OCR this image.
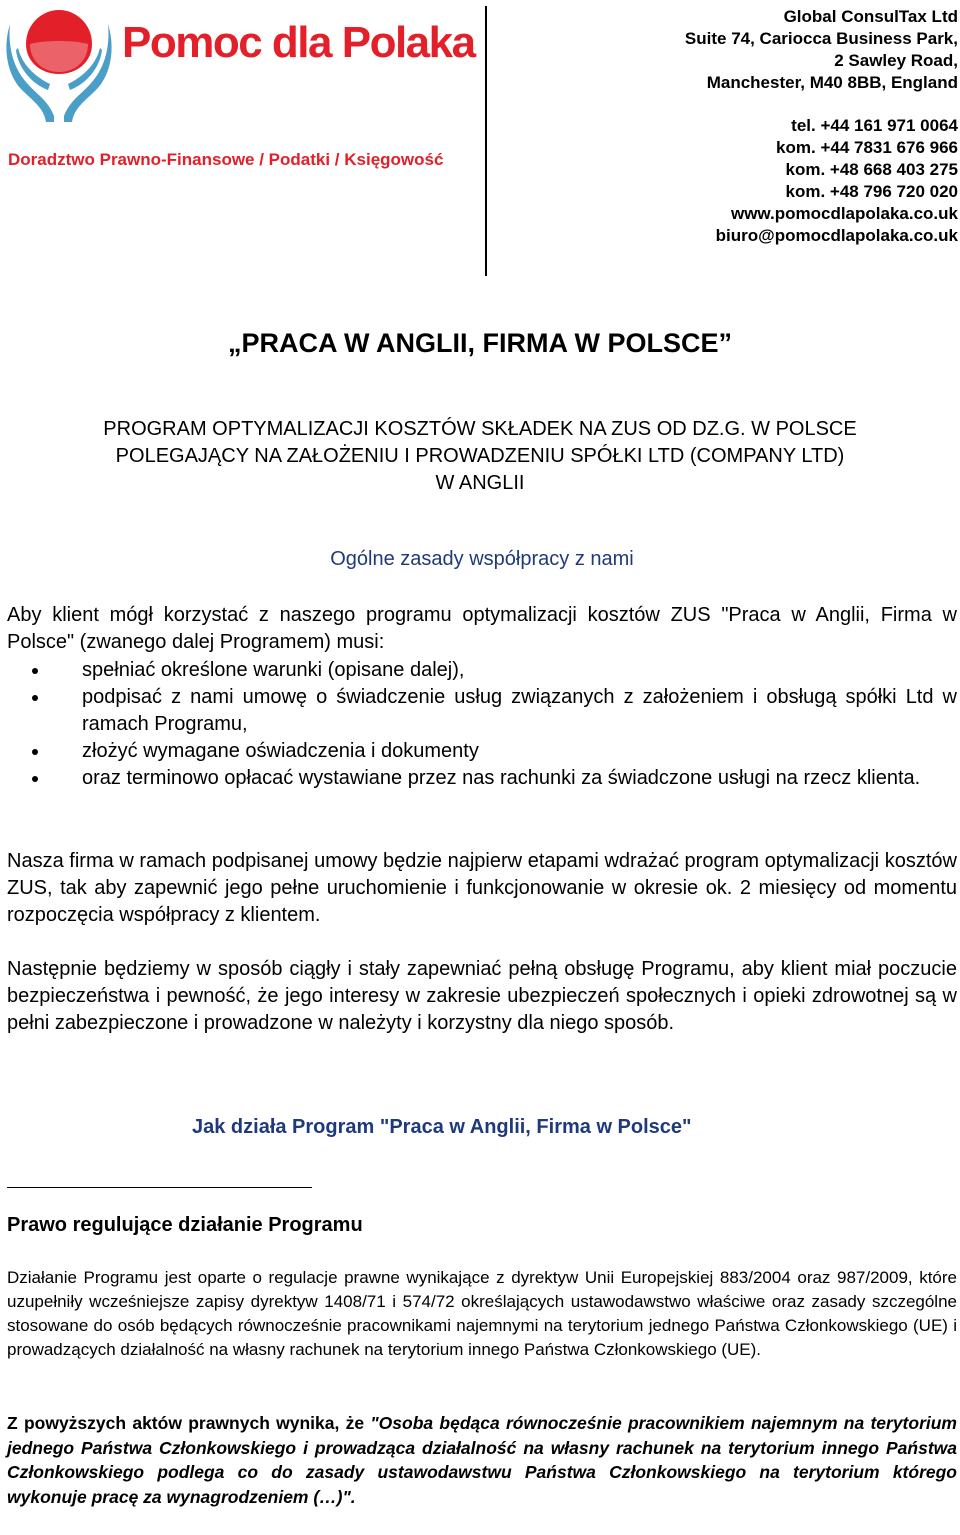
Pomoc dla Polaka
Doradztwo Prawno-Finansowe / Podatki / Księgowość
Global ConsulTax Ltd
Suite 74, Cariocca Business Park,
2 Sawley Road,
Manchester, M40 8BB, England
tel. +44 161 971 0064
kom. +44 7831 676 966
kom. +48 668 403 275
kom. +48 796 720 020
www.pomocdlapolaka.co.uk
biuro@pomocdlapolaka.co.uk
„PRACA W ANGLII, FIRMA W POLSCE”
PROGRAM OPTYMALIZACJI KOSZTÓW SKŁADEK NA ZUS OD DZ.G. W POLSCE
POLEGAJĄCY NA ZAŁOŻENIU I PROWADZENIU SPÓŁKI LTD (COMPANY LTD)
W ANGLII
Ogólne zasady współpracy z nami
Aby klient mógł korzystać z naszego programu optymalizacji kosztów ZUS "Praca w Anglii, Firma w Polsce" (zwanego dalej Programem) musi:
spełniać określone warunki (opisane dalej),
podpisać z nami umowę o świadczenie usług związanych z założeniem i obsługą spółki Ltd w ramach Programu,
złożyć wymagane oświadczenia i dokumenty
oraz terminowo opłacać wystawiane przez nas rachunki za świadczone usługi na rzecz klienta.
Nasza firma w ramach podpisanej umowy będzie najpierw etapami wdrażać program optymalizacji kosztów ZUS, tak aby zapewnić jego pełne uruchomienie i funkcjonowanie w okresie ok. 2 miesięcy od momentu rozpoczęcia współpracy z klientem.
Następnie będziemy w sposób ciągły i stały zapewniać pełną obsługę Programu, aby klient miał poczucie bezpieczeństwa i pewność, że jego interesy w zakresie ubezpieczeń społecznych i opieki zdrowotnej są w pełni zabezpieczone i prowadzone w należyty i korzystny dla niego sposób.
Jak działa Program "Praca w Anglii, Firma w Polsce"
Prawo regulujące działanie Programu
Działanie Programu jest oparte o regulacje prawne wynikające z dyrektyw Unii Europejskiej 883/2004 oraz 987/2009, które uzupełniły wcześniejsze zapisy dyrektyw 1408/71 i 574/72 określających ustawodawstwo właściwe oraz zasady szczególne stosowane do osób będących równocześnie pracownikami najemnymi na terytorium jednego Państwa Członkowskiego (UE) i prowadzących działalność na własny rachunek na terytorium innego Państwa Członkowskiego (UE).
Z powyższych aktów prawnych wynika, że "Osoba będąca równocześnie pracownikiem najemnym na terytorium jednego Państwa Członkowskiego i prowadząca działalność na własny rachunek na terytorium innego Państwa Członkowskiego podlega co do zasady ustawodawstwu Państwa Członkowskiego na terytorium którego wykonuje pracę za wynagrodzeniem (…)".
